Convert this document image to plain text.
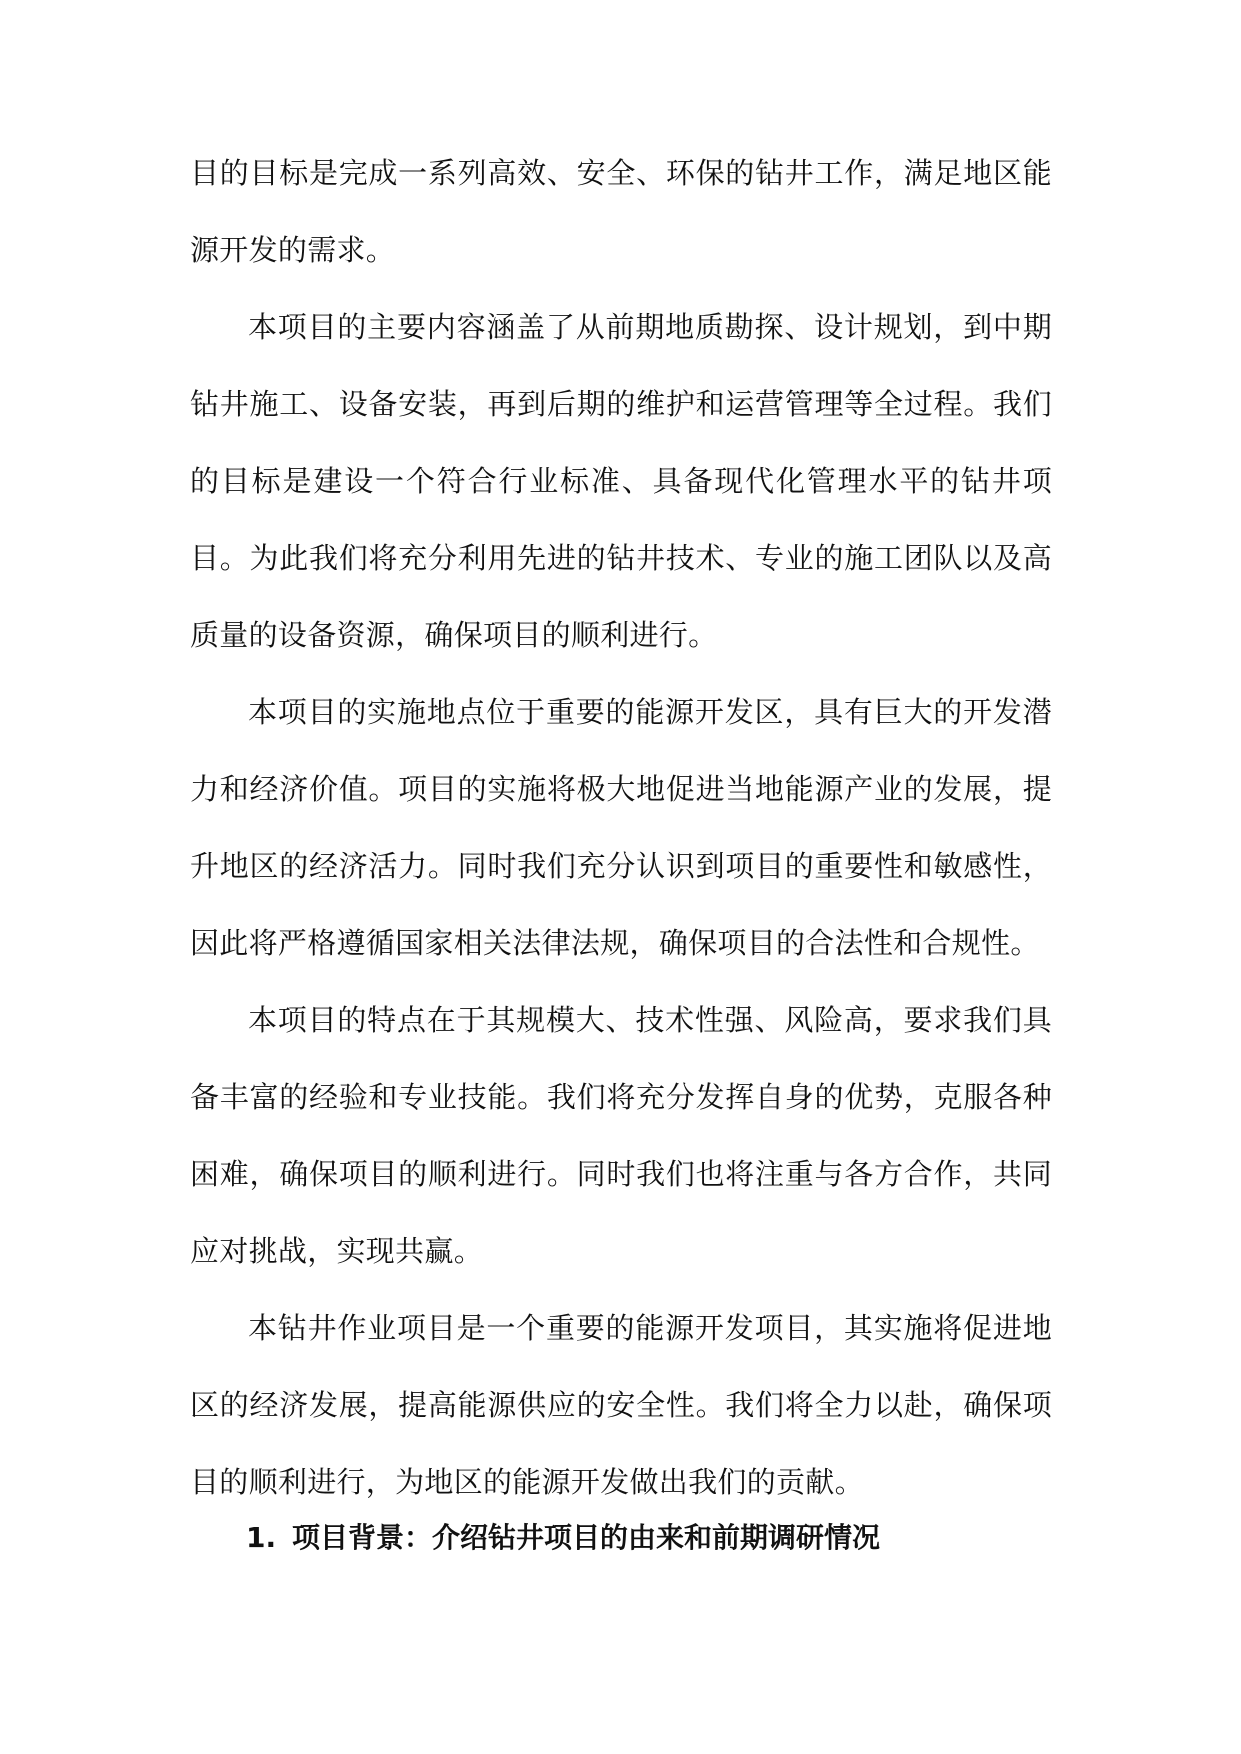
目的目标是完成一系列高效、安全、环保的钻井工作，满足地区能源开发的需求。

本项目的主要内容涵盖了从前期地质勘探、设计规划，到中期钻井施工、设备安装，再到后期的维护和运营管理等全过程。我们的目标是建设一个符合行业标准、具备现代化管理水平的钻井项目。为此我们将充分利用先进的钻井技术、专业的施工团队以及高质量的设备资源，确保项目的顺利进行。

本项目的实施地点位于重要的能源开发区，具有巨大的开发潜力和经济价值。项目的实施将极大地促进当地能源产业的发展，提升地区的经济活力。同时我们充分认识到项目的重要性和敏感性，因此将严格遵循国家相关法律法规，确保项目的合法性和合规性。

本项目的特点在于其规模大、技术性强、风险高，要求我们具备丰富的经验和专业技能。我们将充分发挥自身的优势，克服各种困难，确保项目的顺利进行。同时我们也将注重与各方合作，共同应对挑战，实现共赢。

本钻井作业项目是一个重要的能源开发项目，其实施将促进地区的经济发展，提高能源供应的安全性。我们将全力以赴，确保项目的顺利进行，为地区的能源开发做出我们的贡献。

1. 项目背景：介绍钻井项目的由来和前期调研情况
